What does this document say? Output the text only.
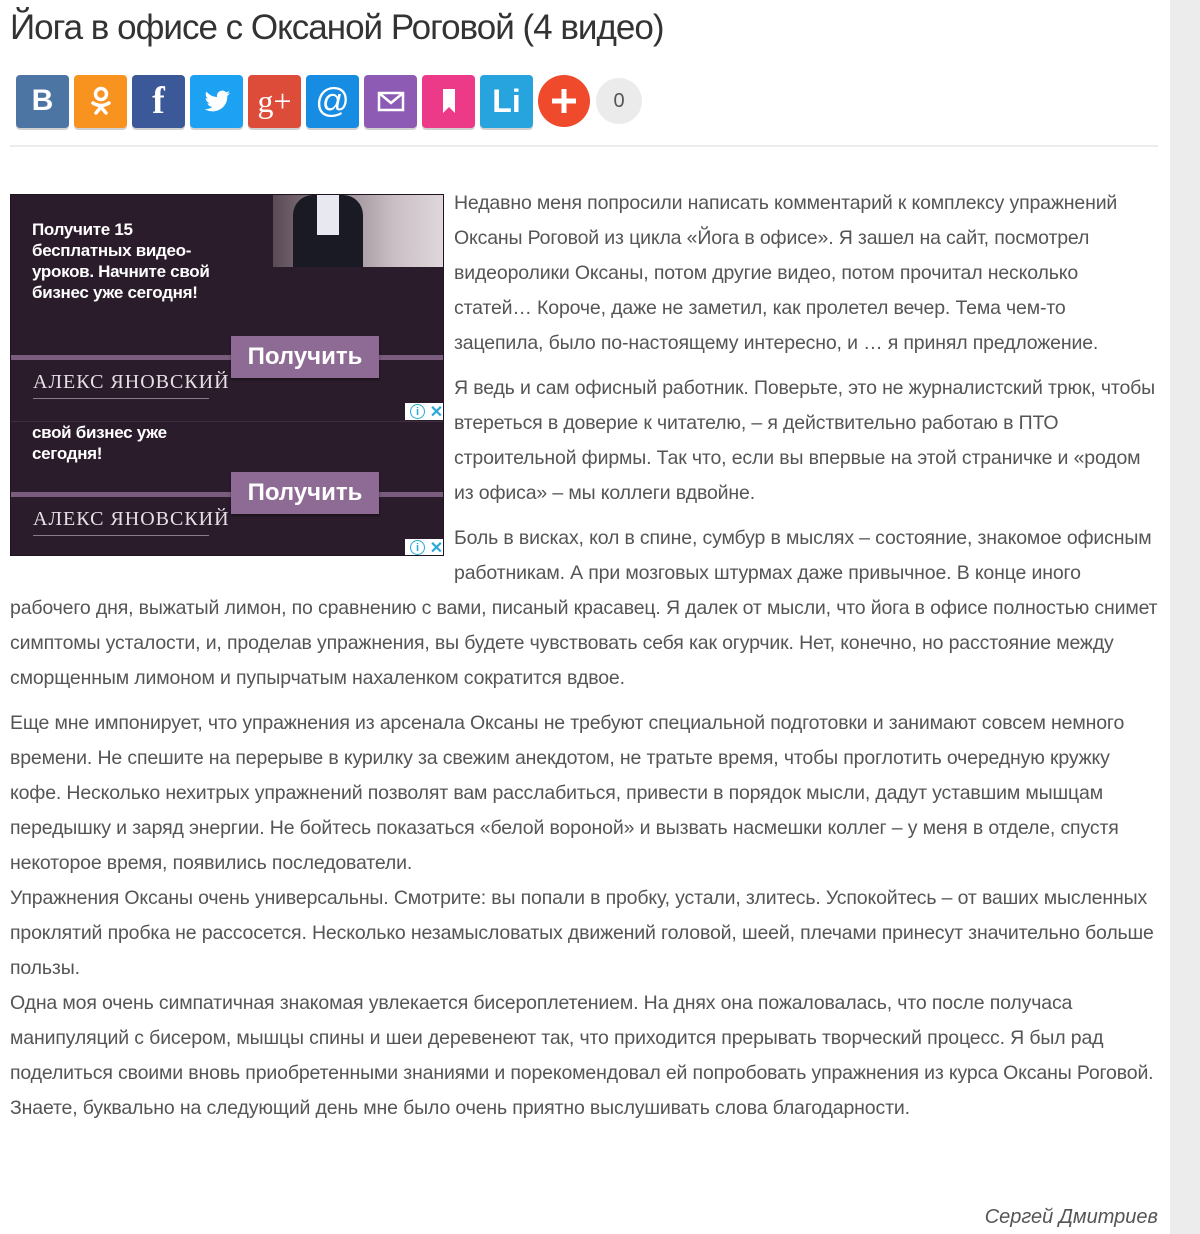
Йога в офисе с Оксаной Роговой (4 видео)
B	f	g+ @	Li	0

Недавно меня попросили написать комментарий к комплексу упражнений Оксаны Роговой из цикла «Йога в офисе». Я зашел на сайт, посмотрел видеоролики Оксаны, потом другие видео, потом прочитал несколько статей… Короче, даже не заметил, как пролетел вечер. Тема чем-то зацепила, было по-настоящему интересно, и … я принял предложение.

Я ведь и сам офисный работник. Поверьте, это не журналистский трюк, чтобы втереться в доверие к читателю, – я действительно работаю в ПТО строительной фирмы. Так что, если вы впервые на этой страничке и «родом из офиса» – мы коллеги вдвойне.

Боль в висках, кол в спине, сумбур в мыслях – состояние, знакомое офисным работникам. А при мозговых штурмах даже привычное. В конце иного рабочего дня, выжатый лимон, по сравнению с вами, писаный красавец. Я далек от мысли, что йога в офисе полностью снимет симптомы усталости, и, проделав упражнения, вы будете чувствовать себя как огурчик. Нет, конечно, но расстояние между сморщенным лимоном и пупырчатым нахаленком сократится вдвое.

Еще мне импонирует, что упражнения из арсенала Оксаны не требуют специальной подготовки и занимают совсем немного времени. Не спешите на перерыве в курилку за свежим анекдотом, не тратьте время, чтобы проглотить очередную кружку кофе. Несколько нехитрых упражнений позволят вам расслабиться, привести в порядок мысли, дадут уставшим мышцам передышку и заряд энергии. Не бойтесь показаться «белой вороной» и вызвать насмешки коллег – у меня в отделе, спустя некоторое время, появились последователи.

Упражнения Оксаны очень универсальны. Смотрите: вы попали в пробку, устали, злитесь. Успокойтесь – от ваших мысленных проклятий пробка не рассосется. Несколько незамысловатых движений головой, шеей, плечами принесут значительно больше пользы.

Одна моя очень симпатичная знакомая увлекается бисероплетением. На днях она пожаловалась, что после получаса манипуляций с бисером, мышцы спины и шеи деревенеют так, что приходится прерывать творческий процесс. Я был рад поделиться своими вновь приобретенными знаниями и порекомендовал ей попробовать упражнения из курса Оксаны Роговой. Знаете, буквально на следующий день мне было очень приятно выслушивать слова благодарности.

Получите 15 бесплатных видео-уроков. Начните свой бизнес уже сегодня!
Получить
АЛЕКС ЯНОВСКИЙ
i ✕
свой бизнес уже сегодня!
Получить
АЛЕКС ЯНОВСКИЙ
i ✕
Сергей Дмитриев
